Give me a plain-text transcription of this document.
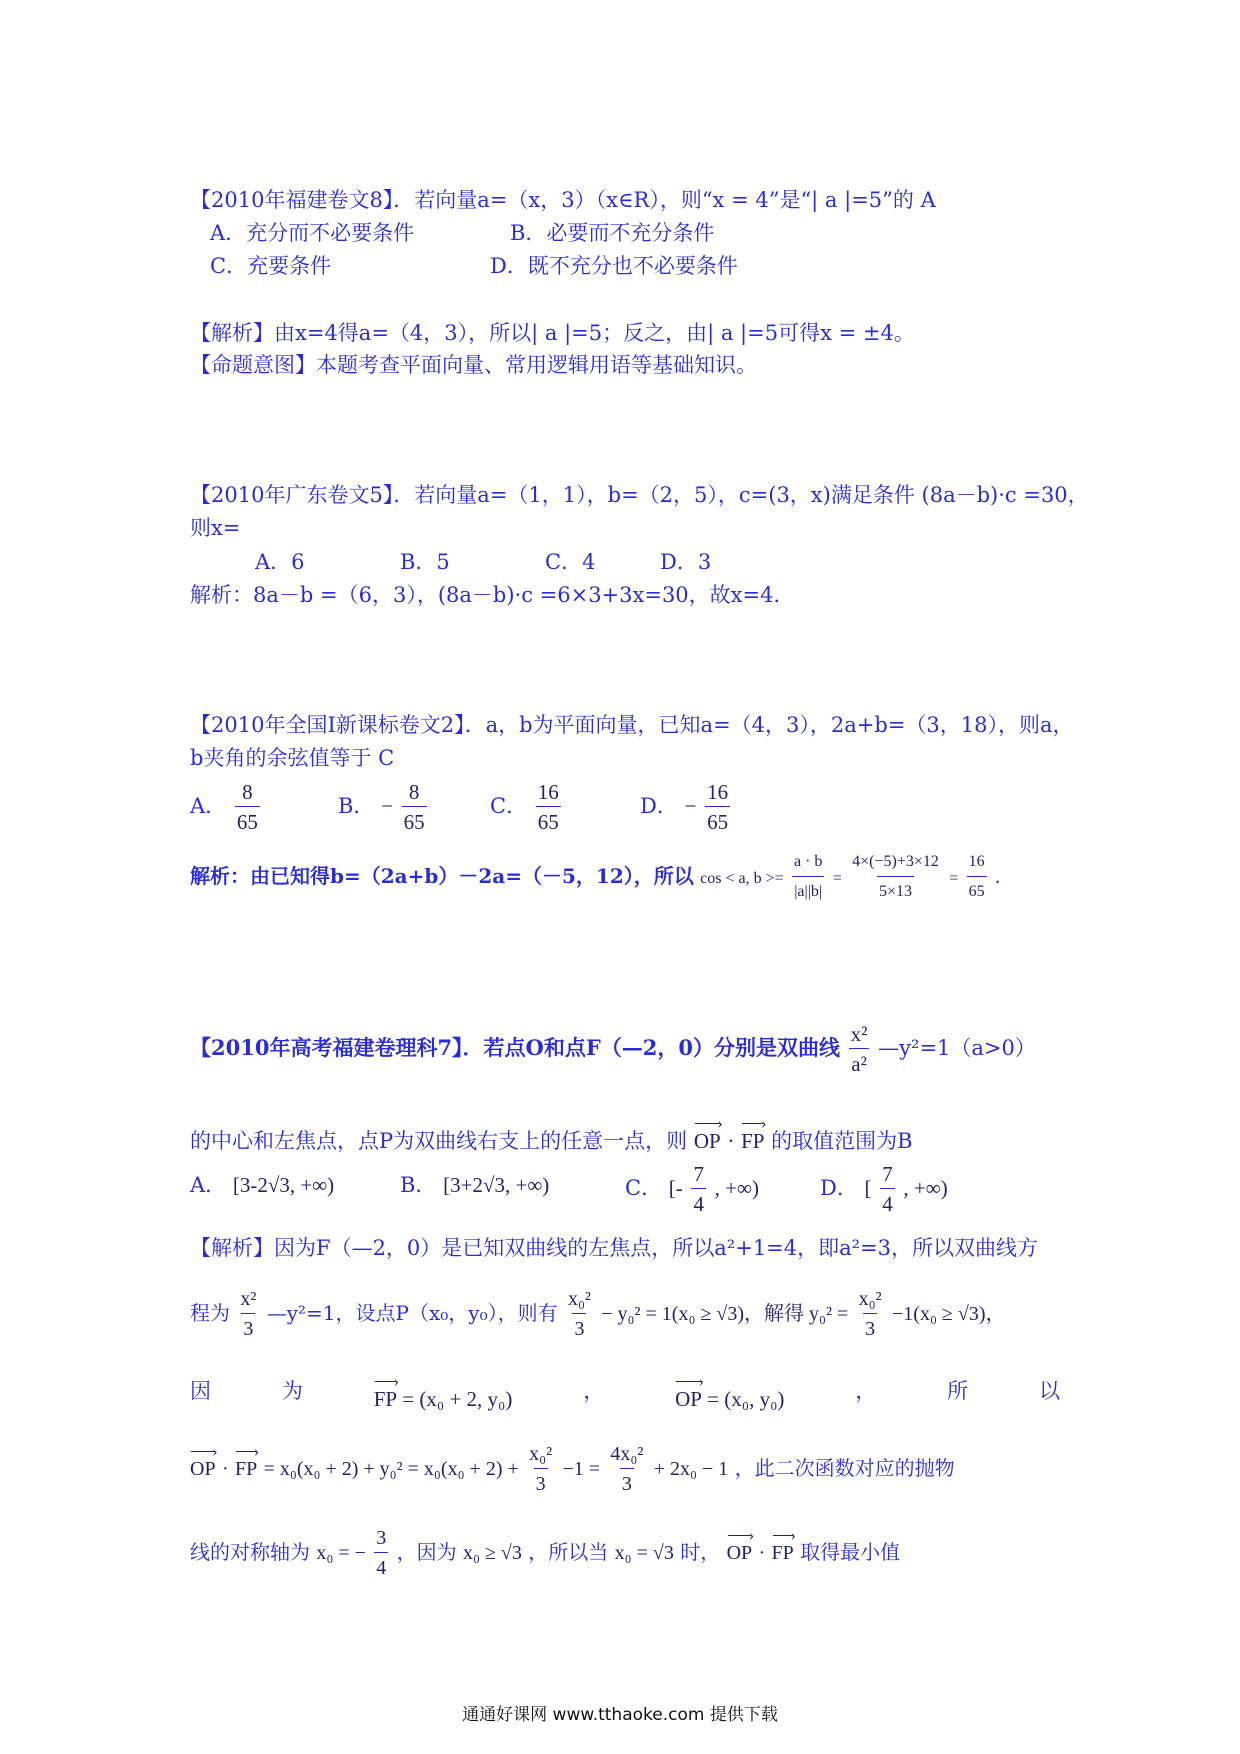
【2010年福建卷文8】．若向量a=（x，3）（x∈R），则“x = 4”是“| a |=5”的 A
A．充分而不必要条件	B．必要而不充分条件
C．充要条件	D．既不充分也不必要条件
【解析】由x=4得a=（4，3），所以| a |=5；反之，由| a |=5可得x = ±4。
【命题意图】本题考查平面向量、常用逻辑用语等基础知识。
【2010年广东卷文5】．若向量a=（1，1），b=（2，5），c=(3，x)满足条件 (8a－b)·c =30，
则x=
A．6	B．5	C．4	D．3
解析：8a－b =（6，3），(8a－b)·c =6×3+3x=30，故x=4．
【2010年全国Ⅰ新课标卷文2】．a，b为平面向量，已知a=（4，3），2a+b=（3，18），则a，
b夹角的余弦值等于 C
A． $\frac{8}{65}$	B． − $\frac{8}{65}$	C． $\frac{16}{65}$	D． − $\frac{16}{65}$
解析：由已知得b=（2a+b）－2a=（－5，12），所以 cos < a, $b >= \frac{a \cdot b}{|a||b|} = \frac{4\times(-5)+3\times 12}{5\times 13} = \frac{16}{65}$ .
【2010年高考福建卷理科7】．若点O和点F（—2，0）分别是双曲线 $\frac{\text{x²}}{\text{a²}}$ —y²=1（a>0）
的中心和左焦点，点P为双曲线右支上的任意一点，则 OP › · FP › 的取值范围为B
A． [3-2√3, +∞)	B． [3+2√3, +∞)	C． [- $\frac{7}{4}$ , +∞)	D． [ $\frac{7}{4}$ , +∞)
【解析】因为F（—2，0）是已知双曲线的左焦点，所以a²+1=4，即a²=3，所以双曲线方
程为 $\frac{\text{x²}}{3}$ —y²=1，设点P（x₀，y₀），则有 $\frac{\text{x₀²}}{3} - y_0^2 = 1(x_0 \ge √3)$，解得 $y_0^2 = \frac{\text{x₀²}}{3} -1(x_0 \ge √3)$，
因	为	FP › = (x₀ + 2, y₀)	，	OP › = (x₀, y₀)	，	所	以
OP › · FP › = $x_0(x_0 + 2) + y_0^2 = x_0(x_0 + 2) + \frac{\text{x₀²}}{3} -1 = \frac{\text{4x₀²}}{3} + 2x_0 - 1$ ，此二次函数对应的抛物
线的对称轴为 x₀ = − $\frac{3}{4}$ ，因为 x₀ ≥ √3 ，所以当 x₀ = √3 时， OP › · FP › 取得最小值
通通好课网 www.tthaoke.com 提供下载
